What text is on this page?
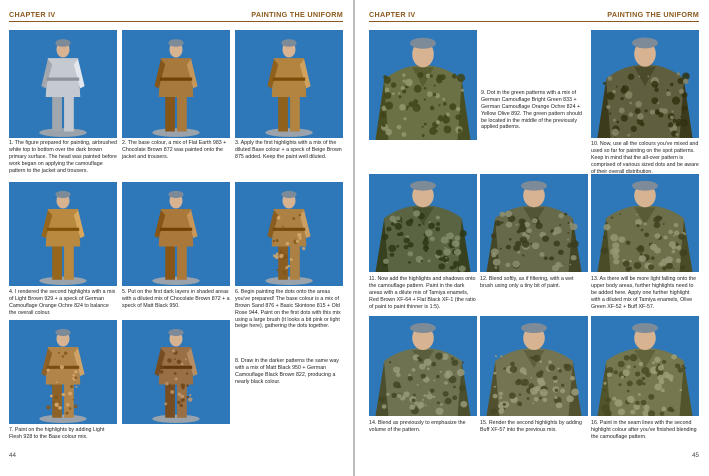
CHAPTER IV	PAINTING THE UNIFORM
1. The figure prepared for painting, airbrushed white top to bottom over the dark brown primary surface. The head was painted before work began on applying the camouflage pattern to the jacket and trousers.
2. The base colour, a mix of Flat Earth 983 + Chocolate Brown 872 was painted onto the jacket and trousers.
3. Apply the first highlights with a mix of the diluted Base colour + a speck of Beige Brown 875 added. Keep the paint well diluted.
4. I rendered the second highlights with a mix of Light Brown 929 + a speck of German Camouflage Orange Ochre 824 to balance the overall colour.
5. Put on the first dark layers in shaded areas with a diluted mix of Chocolate Brown 872 + a speck of Matt Black 950.
6. Begin painting the dots onto the areas you've prepared! The base colour is a mix of Brown Sand 876 + Basic Skintone 815 + Old Rose 944. Paint on the first dots with this mix using a large brush (it looks a bit pink or light beige here), gathering the dots together.
7. Paint on the highlights by adding Light Flesh 928 to the Base colour mix.
8. Draw in the darker patterns the same way with a mix of Matt Black 950 + German Camouflage Black Brown 822, producing a nearly black colour.
44
CHAPTER IV	PAINTING THE UNIFORM
9. Dot in the green patterns with a mix of German Camouflage Bright Green 833 + German Camouflage Orange Ochre 824 + Yellow Olive 892. The green pattern should be located in the middle of the previously applied patterns.
10. Now, use all the colours you've mixed and used so far for painting on the spot patterns. Keep in mind that the all-over pattern is comprised of various sized dots and be aware of their overall distribution.
11. Now add the highlights and shadows onto the camouflage pattern. Paint in the dark areas with a dilute mix of Tamiya enamels, Red Brown XF-64 + Flat Black XF-1 (the ratio of paint to paint thinner is 1:5).
12. Blend softly, as if filtering, with a wet brush using only a tiny bit of paint.
13. As there will be more light falling onto the upper body areas, further highlights need to be added here. Apply one further highlight with a diluted mix of Tamiya enamels, Olive Green XF-52 + Buff XF-57.
14. Blend as previously to emphasize the volume of the pattern.
15. Render the second highlights by adding Buff XF-57 into the previous mix.
16. Paint in the seam lines with the second highlight colour after you've finished blending the camouflage pattern.
45
